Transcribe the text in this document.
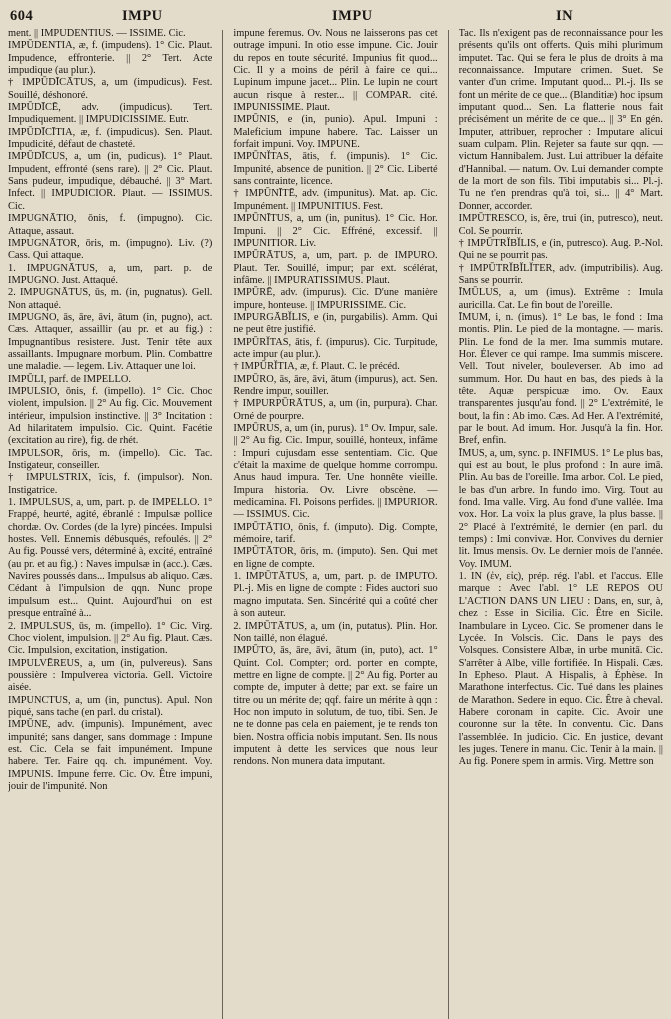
604	IMPU	IMPU	IN

ment. || IMPUDENTIUS. — ISSIME. Cic.

IMPŪDENTIA, æ, f. (impudens). 1° Cic. Plaut. Impudence, effronterie. || 2° Tert. Acte impudique (au plur.).

† IMPŪDĪCĀTUS, a, um (impudicus). Fest. Souillé, déshonoré.

IMPŪDĪCĒ, adv. (impudicus). Tert. Impudiquement. || IMPUDICISSIME. Eutr.

IMPŪDĪCĪTIA, æ, f. (impudicus). Sen. Plaut. Impudicité, défaut de chasteté.

IMPŪDĪCUS, a, um (in, pudicus). 1° Plaut. Impudent, effronté (sens rare). || 2° Cic. Plaut. Sans pudeur, impudique, débauché. || 3° Mart. Infect. || IMPUDICIOR. Plaut. — ISSIMUS. Cic.

IMPUGNĀTIO, ōnis, f. (impugno). Cic. Attaque, assaut.

IMPUGNĀTOR, ōris, m. (impugno). Liv. (?) Cass. Qui attaque.

1. IMPUGNĀTUS, a, um, part. p. de IMPUGNO. Just. Attaqué.

2. IMPUGNĀTUS, ūs, m. (in, pugnatus). Gell. Non attaqué.

IMPUGNO, ās, āre, āvi, ātum (in, pugno), act. Cæs. Attaquer, assaillir (au pr. et au fig.) : Impugnantibus resistere. Just. Tenir tête aux assaillants. Impugnare morbum. Plin. Combattre une maladie. — legem. Liv. Attaquer une loi.

IMPŪLI, parf. de IMPELLO.

IMPULSIO, ōnis, f. (impello). 1° Cic. Choc violent, impulsion. || 2° Au fig. Cic. Mouvement intérieur, impulsion instinctive. || 3° Incitation : Ad hilaritatem impulsio. Cic. Quint. Facétie (excitation au rire), fig. de rhét.

IMPULSOR, ōris, m. (impello). Cic. Tac. Instigateur, conseiller.

† IMPULSTRIX, īcis, f. (impulsor). Non. Instigatrice.

1. IMPULSUS, a, um, part. p. de IMPELLO. 1° Frappé, heurté, agité, ébranlé : Impulsæ pollice chordæ. Ov. Cordes (de la lyre) pincées. Impulsi hostes. Vell. Ennemis débusqués, refoulés. || 2° Au fig. Poussé vers, déterminé à, excité, entraîné (au pr. et au fig.) : Naves impulsæ in (acc.). Cæs. Navires poussés dans... Impulsus ab aliquo. Cæs. Cédant à l'impulsion de qqn. Nunc prope impulsum est... Quint. Aujourd'hui on est presque entraîné à...

2. IMPULSUS, ūs, m. (impello). 1° Cic. Virg. Choc violent, impulsion. || 2° Au fig. Plaut. Cæs. Cic. Impulsion, excitation, instigation.

IMPULVĒREUS, a, um (in, pulvereus). Sans poussière : Impulverea victoria. Gell. Victoire aisée.

IMPUNCTUS, a, um (in, punctus). Apul. Non piqué, sans tache (en parl. du cristal).

IMPŪNE, adv. (impunis). Impunément, avec impunité; sans danger, sans dommage : Impune est. Cic. Cela se fait impunément. Impune habere. Ter. Faire qq. ch. impunément. Voy. IMPUNIS. Impune ferre. Cic. Ov. Être impuni, jouir de l'impunité. Non

impune feremus. Ov. Nous ne laisserons pas cet outrage impuni. In otio esse impune. Cic. Jouir du repos en toute sécurité. Impunius fit quod... Cic. Il y a moins de péril à faire ce qui... Lupinum impune jacet... Plin. Le lupin ne court aucun risque à rester... || COMPAR. cité. IMPUNISSIME. Plaut.

IMPŪNIS, e (in, punio). Apul. Impuni : Maleficium impune habere. Tac. Laisser un forfait impuni. Voy. IMPUNE.

IMPŪNĬTAS, ātis, f. (impunis). 1° Cic. Impunité, absence de punition. || 2° Cic. Liberté sans contrainte, licence.

† IMPŪNĪTĒ, adv. (impunitus). Mat. ap. Cic. Impunément. || IMPUNITIUS. Fest.

IMPŪNĪTUS, a, um (in, punitus). 1° Cic. Hor. Impuni. || 2° Cic. Effréné, excessif. || IMPUNITIOR. Liv.

IMPŪRĀTUS, a, um, part. p. de IMPURO. Plaut. Ter. Souillé, impur; par ext. scélérat, infâme. || IMPURATISSIMUS. Plaut.

IMPŪRĒ, adv. (impurus). Cic. D'une manière impure, honteuse. || IMPURISSIME. Cic.

IMPURGĀBĬLIS, e (in, purgabilis). Amm. Qui ne peut être justifié.

IMPŪRĬTAS, ātis, f. (impurus). Cic. Turpitude, acte impur (au plur.).

† IMPŪRĬTIA, æ, f. Plaut. C. le précéd.

IMPŪRO, ās, āre, āvi, ātum (impurus), act. Sen. Rendre impur, souiller.

† IMPURPŪRĀTUS, a, um (in, purpura). Char. Orné de pourpre.

IMPŪRUS, a, um (in, purus). 1° Ov. Impur, sale. || 2° Au fig. Cic. Impur, souillé, honteux, infâme : Impuri cujusdam esse sententiam. Cic. Que c'était la maxime de quelque homme corrompu. Anus haud impura. Ter. Une honnête vieille. Impura historia. Ov. Livre obscène. — medicamina. Fl. Poisons perfides. || IMPURIOR. — ISSIMUS. Cic.

IMPŪTĀTIO, ōnis, f. (imputo). Dig. Compte, mémoire, tarif.

IMPŪTĀTOR, ōris, m. (imputo). Sen. Qui met en ligne de compte.

1. IMPŪTĀTUS, a, um, part. p. de IMPUTO. Pl.-j. Mis en ligne de compte : Fides auctori suo magno imputata. Sen. Sincérité qui a coûté cher à son auteur.

2. IMPŪTĀTUS, a, um (in, putatus). Plin. Hor. Non taillé, non élagué.

IMPŪTO, ās, āre, āvi, ātum (in, puto), act. 1° Quint. Col. Compter; ord. porter en compte, mettre en ligne de compte. || 2° Au fig. Porter au compte de, imputer à dette; par ext. se faire un titre ou un mérite de; qqf. faire un mérite à qqn : Hoc non imputo in solutum, de tuo, tibi. Sen. Je ne te donne pas cela en paiement, je te rends ton bien. Nostra officia nobis imputant. Sen. Ils nous imputent à dette les services que nous leur rendons. Non munera data imputant.

Tac. Ils n'exigent pas de reconnaissance pour les présents qu'ils ont offerts. Quis mihi plurimum imputet. Tac. Qui se fera le plus de droits à ma reconnaissance. Imputare crimen. Suet. Se vanter d'un crime. Imputant quod... Pl.-j. Ils se font un mérite de ce que... (Blanditiæ) hoc ipsum imputant quod... Sen. La flatterie nous fait précisément un mérite de ce que... || 3° En gén. Imputer, attribuer, reprocher : Imputare alicui suam culpam. Plin. Rejeter sa faute sur qqn. — victum Hannibalem. Just. Lui attribuer la défaite d'Hannibal. — natum. Ov. Lui demander compte de la mort de son fils. Tibi imputabis si... Pl.-j. Tu ne t'en prendras qu'à toi, si... || 4° Mart. Donner, accorder.

IMPŪTRESCO, is, ĕre, trui (in, putresco), neut. Col. Se pourrir.

† IMPŪTRĬBĬLIS, e (in, putresco). Aug. P.-Nol. Qui ne se pourrit pas.

† IMPŪTRĬBĬLĬTER, adv. (imputribilis). Aug. Sans se pourrir.

ĪMŪLUS, a, um (imus). Extrême : Imula auricilla. Cat. Le fin bout de l'oreille.

ĪMUM, i, n. (imus). 1° Le bas, le fond : Ima montis. Plin. Le pied de la montagne. — maris. Plin. Le fond de la mer. Ima summis mutare. Hor. Élever ce qui rampe. Ima summis miscere. Vell. Tout niveler, bouleverser. Ab imo ad summum. Hor. Du haut en bas, des pieds à la tête. Aquæ perspicuæ imo. Ov. Eaux transparentes jusqu'au fond. || 2° L'extrémité, le bout, la fin : Ab imo. Cæs. Ad Her. A l'extrémité, par le bout. Ad imum. Hor. Jusqu'à la fin. Hor. Bref, enfin.

ĪMUS, a, um, sync. p. INFIMUS. 1° Le plus bas, qui est au bout, le plus profond : In aure imā. Plin. Au bas de l'oreille. Ima arbor. Col. Le pied, le bas d'un arbre. In fundo imo. Virg. Tout au fond. Ima valle. Virg. Au fond d'une vallée. Ima vox. Hor. La voix la plus grave, la plus basse. || 2° Placé à l'extrémité, le dernier (en parl. du temps) : Imi convivæ. Hor. Convives du dernier lit. Imus mensis. Ov. Le dernier mois de l'année. Voy. IMUM.

1. IN (ἐν, εἰς), prép. rég. l'abl. et l'accus. Elle marque : Avec l'abl. 1° LE REPOS OU L'ACTION DANS UN LIEU : Dans, en, sur, à, chez : Esse in Sicilia. Cic. Être en Sicile. Inambulare in Lyceo. Cic. Se promener dans le Lycée. In Volscis. Cic. Dans le pays des Volsques. Consistere Albæ, in urbe munitā. Cic. S'arrêter à Albe, ville fortifiée. In Hispali. Cæs. In Epheso. Plaut. A Hispalis, à Éphèse. In Marathone interfectus. Cic. Tué dans les plaines de Marathon. Sedere in equo. Cic. Être à cheval. Habere coronam in capite. Cic. Avoir une couronne sur la tête. In conventu. Cic. Dans l'assemblée. In judicio. Cic. En justice, devant les juges. Tenere in manu. Cic. Tenir à la main. || Au fig. Ponere spem in armis. Virg. Mettre son
